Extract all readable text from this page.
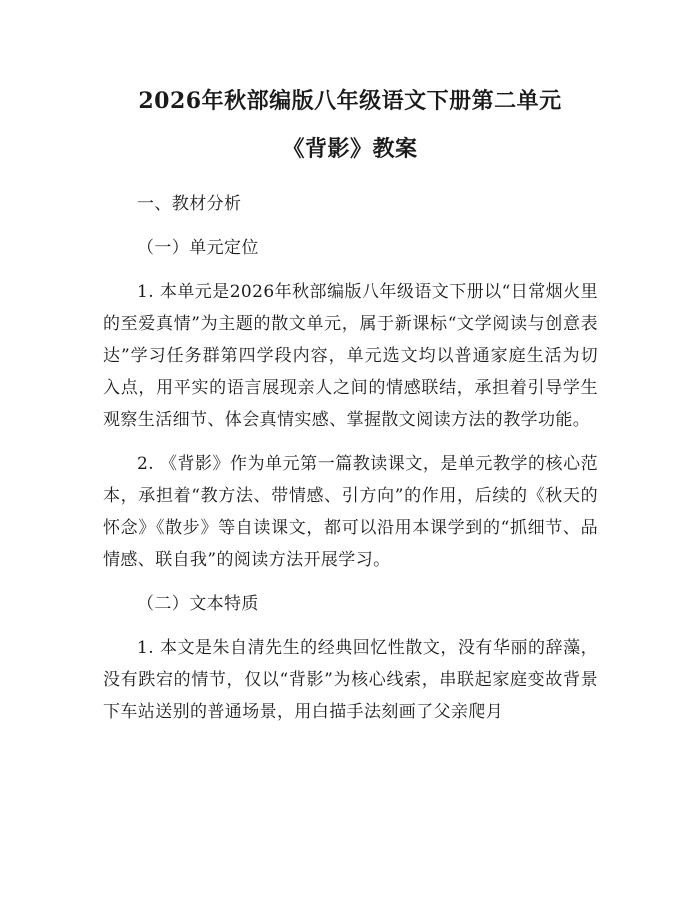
2026年秋部编版八年级语文下册第二单元
《背影》教案

一、教材分析

（一）单元定位

1. 本单元是2026年秋部编版八年级语文下册以“日常烟火里的至爱真情”为主题的散文单元，属于新课标“文学阅读与创意表达”学习任务群第四学段内容，单元选文均以普通家庭生活为切入点，用平实的语言展现亲人之间的情感联结，承担着引导学生观察生活细节、体会真情实感、掌握散文阅读方法的教学功能。

2. 《背影》作为单元第一篇教读课文，是单元教学的核心范本，承担着“教方法、带情感、引方向”的作用，后续的《秋天的怀念》《散步》等自读课文，都可以沿用本课学到的“抓细节、品情感、联自我”的阅读方法开展学习。

（二）文本特质

1. 本文是朱自清先生的经典回忆性散文，没有华丽的辞藻，没有跌宕的情节，仅以“背影”为核心线索，串联起家庭变故背景下车站送别的普通场景，用白描手法刻画了父亲爬月
